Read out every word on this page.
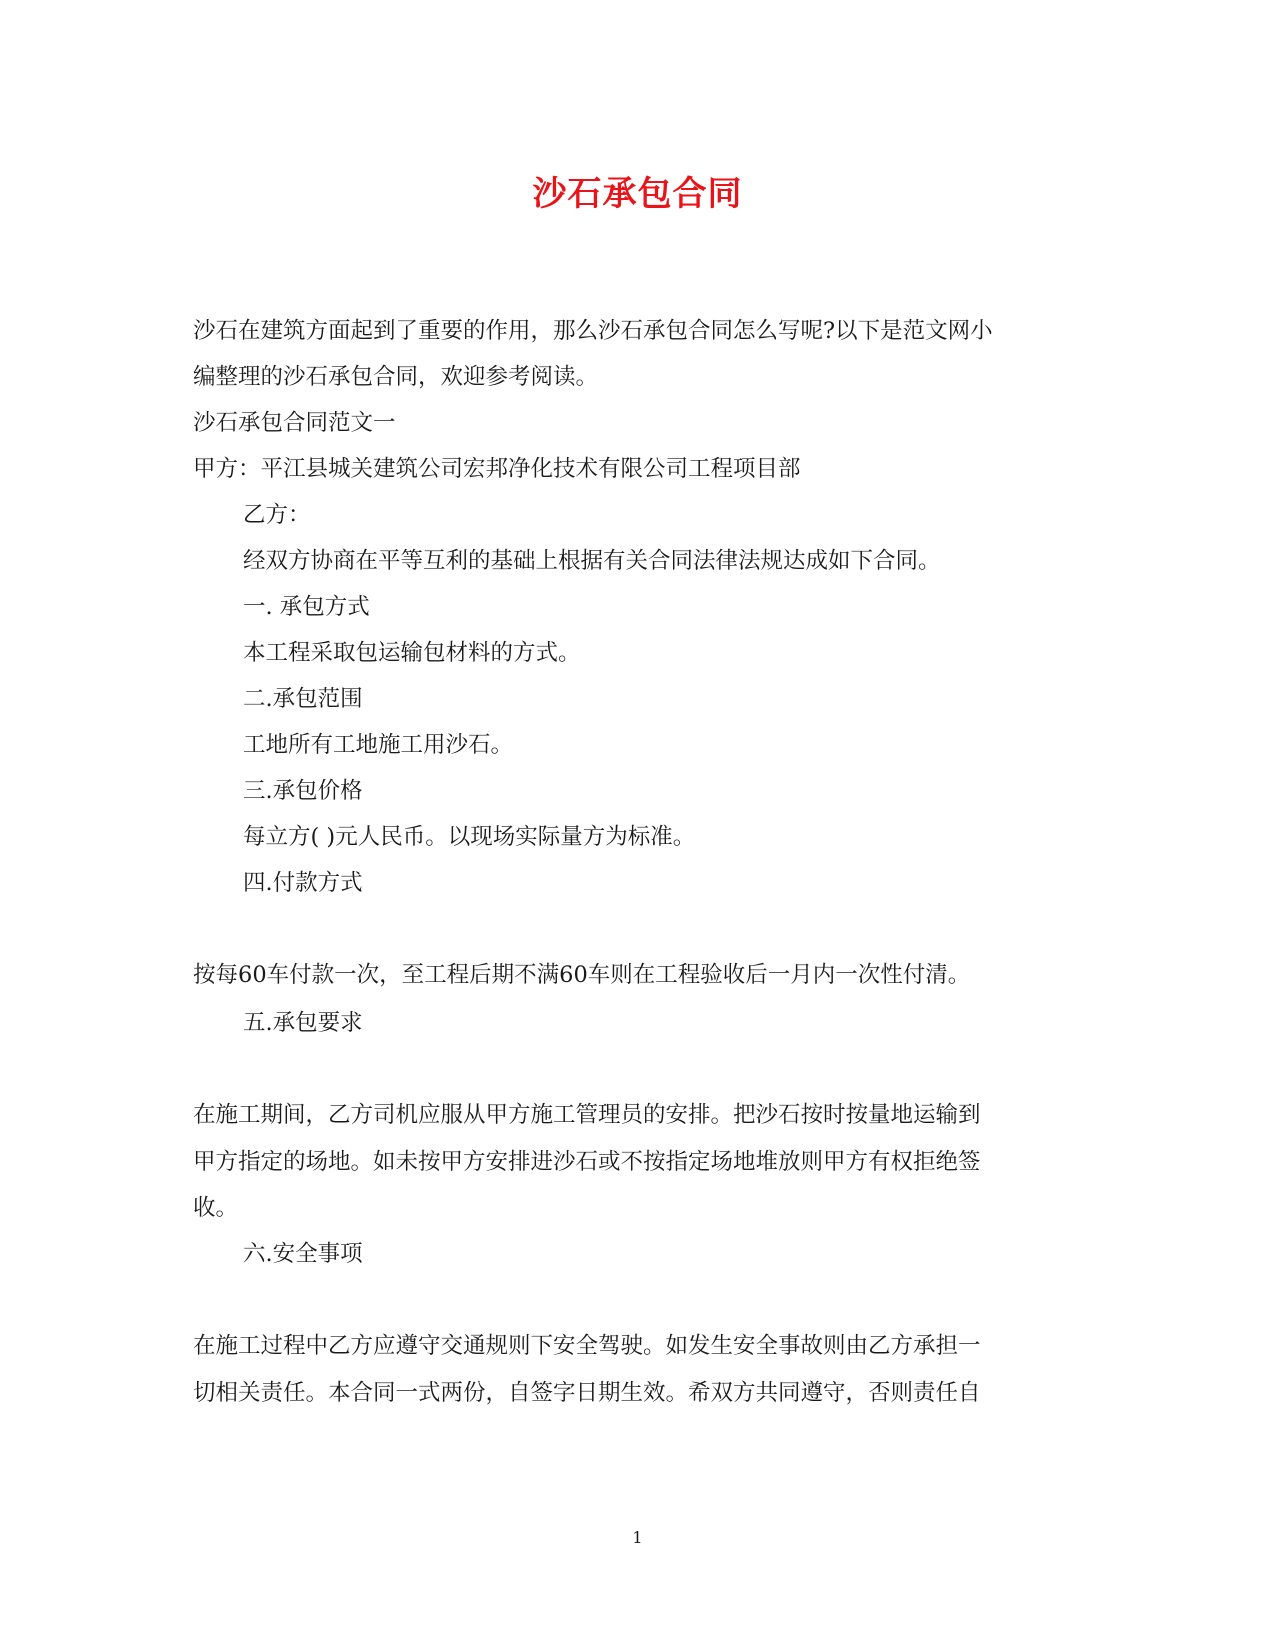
沙石承包合同
沙石在建筑方面起到了重要的作用，那么沙石承包合同怎么写呢?以下是范文网小
编整理的沙石承包合同，欢迎参考阅读。
沙石承包合同范文一
甲方：平江县城关建筑公司宏邦净化技术有限公司工程项目部
乙方：
经双方协商在平等互利的基础上根据有关合同法律法规达成如下合同。
一. 承包方式
本工程采取包运输包材料的方式。
二.承包范围
工地所有工地施工用沙石。
三.承包价格
每立方( )元人民币。以现场实际量方为标准。
四.付款方式
按每60车付款一次，至工程后期不满60车则在工程验收后一月内一次性付清。
五.承包要求
在施工期间，乙方司机应服从甲方施工管理员的安排。把沙石按时按量地运输到
甲方指定的场地。如未按甲方安排进沙石或不按指定场地堆放则甲方有权拒绝签
收。
六.安全事项
在施工过程中乙方应遵守交通规则下安全驾驶。如发生安全事故则由乙方承担一
切相关责任。本合同一式两份，自签字日期生效。希双方共同遵守，否则责任自
1
